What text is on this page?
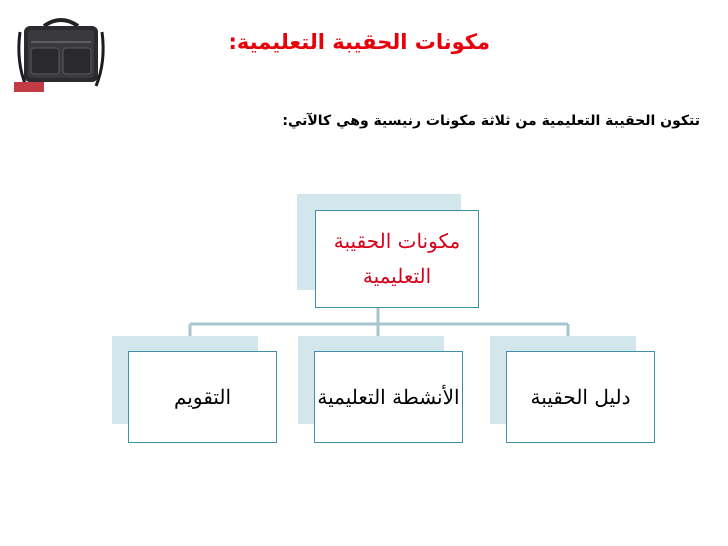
مكونات الحقيبة التعليمية:
تتكون الحقيبة التعليمية من ثلاثة مكونات رنيسية وهي كالآتي:
مكونات الحقيبة التعليمية
دليل الحقيبة
الأنشطة التعليمية
التقويم
